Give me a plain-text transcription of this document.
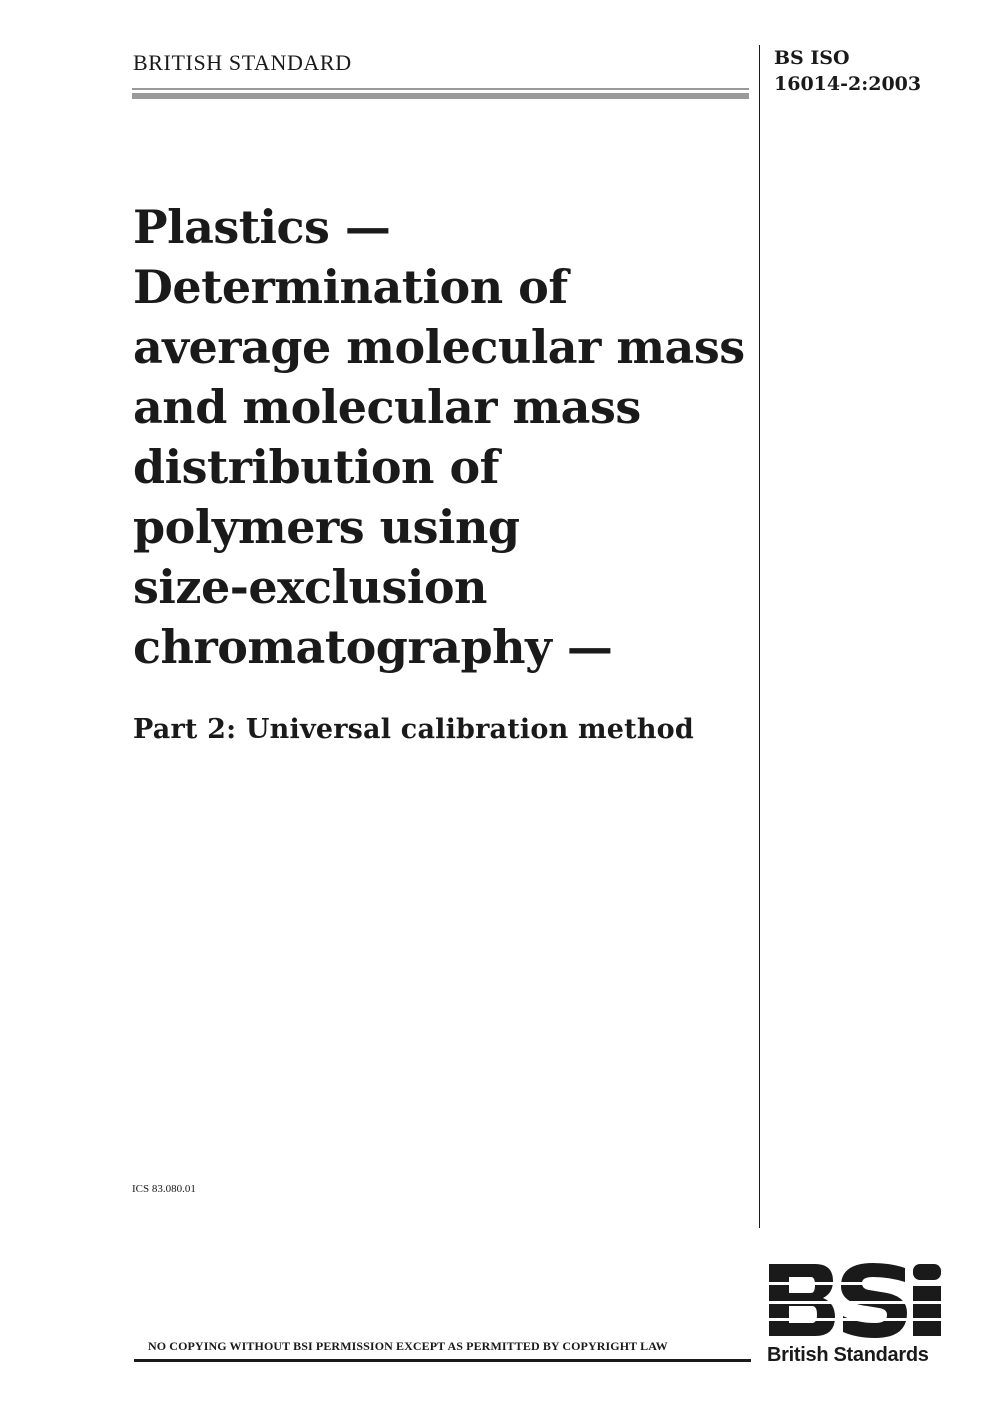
BRITISH STANDARD	BS ISO
16014-2:2003
Plastics —
Determination of
average molecular mass
and molecular mass
distribution of
polymers using
size-exclusion
chromatography —
Part 2: Universal calibration method
ICS 83.080.01
NO COPYING WITHOUT BSI PERMISSION EXCEPT AS PERMITTED BY COPYRIGHT LAW	British Standards
